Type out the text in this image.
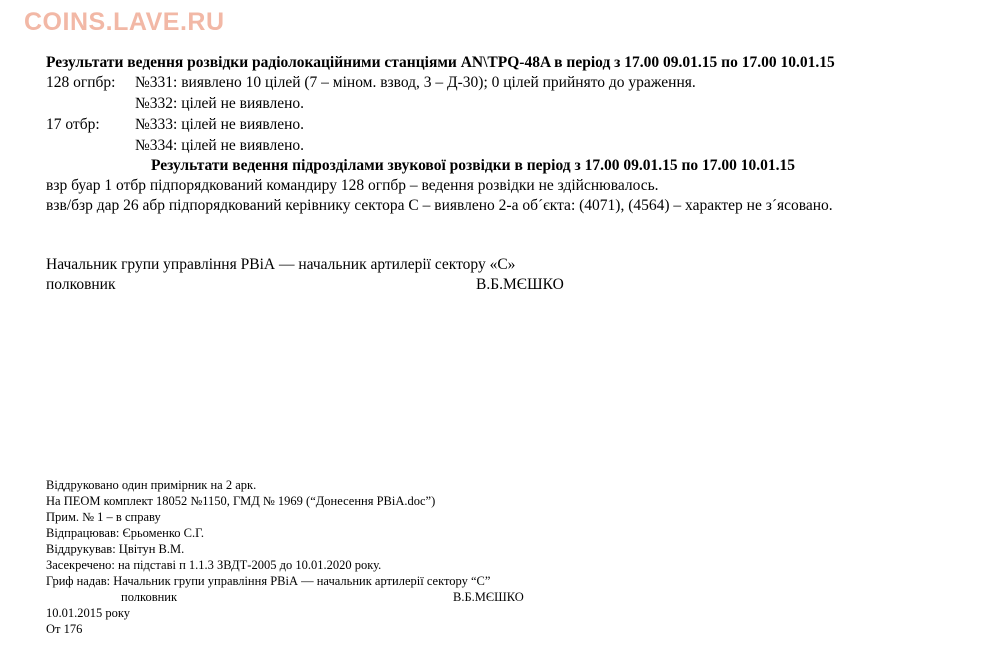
COINS.LAVE.RU
Результати ведення розвідки радіолокаційними станціями AN\TPQ-48A в період з 17.00 09.01.15 по 17.00 10.01.15
128 огпбр: №331: виявлено 10 цілей (7 – міном. взвод, 3 – Д-30); 0 цілей прийнято до ураження.
№332: цілей не виявлено.
17 отбр: №333: цілей не виявлено.
№334: цілей не виявлено.
Результати ведення підрозділами звукової розвідки в період з 17.00 09.01.15 по 17.00 10.01.15
взр буар 1 отбр підпорядкований командиру 128 огпбр – ведення розвідки не здійснювалось.
взв/бзр дар 26 абр підпорядкований керівнику сектора С – виявлено 2-а об´єкта: (4071), (4564) – характер не з´ясовано.
Начальник групи управління РВіА — начальник артилерії сектору «С»
полковник	В.Б.МЄШКО
Віддруковано один примірник на 2 арк.
На ПЕОМ комплект 18052 №1150, ГМД № 1969 (“Донесення РВіА.doc”)
Прим. № 1 – в справу
Відпрацював: Єрьоменко С.Г.
Віддрукував: Цвітун В.М.
Засекречено: на підставі п 1.1.3 ЗВДТ-2005 до 10.01.2020 року.
Гриф надав: Начальник групи управління РВіА — начальник артилерії сектору “С”
полковник	В.Б.МЄШКО
10.01.2015 року
От 176
